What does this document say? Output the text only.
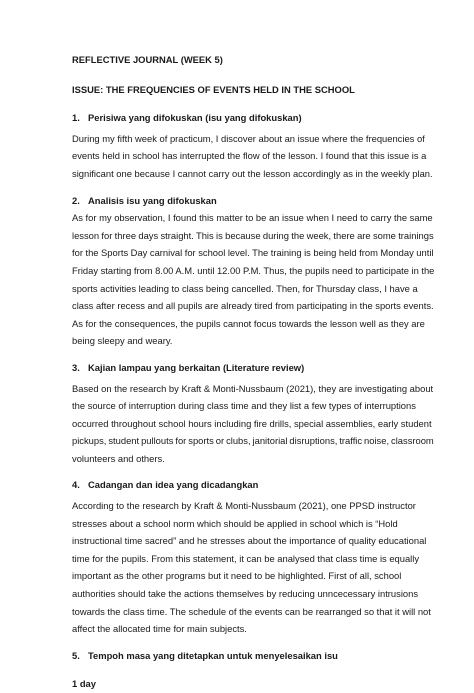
REFLECTIVE JOURNAL (WEEK 5)

ISSUE: THE FREQUENCIES OF EVENTS HELD IN THE SCHOOL

1. Perisiwa yang difokuskan (isu yang difokuskan)

During my fifth week of practicum, I discover about an issue where the frequencies of
events held in school has interrupted the flow of the lesson. I found that this issue is a
significant one because I cannot carry out the lesson accordingly as in the weekly plan.

2. Analisis isu yang difokuskan

As for my observation, I found this matter to be an issue when I need to carry the same
lesson for three days straight. This is because during the week, there are some trainings
for the Sports Day carnival for school level. The training is being held from Monday until
Friday starting from 8.00 A.M. until 12.00 P.M. Thus, the pupils need to participate in the
sports activities leading to class being cancelled. Then, for Thursday class, I have a
class after recess and all pupils are already tired from participating in the sports events.
As for the consequences, the pupils cannot focus towards the lesson well as they are
being sleepy and weary.

3. Kajian lampau yang berkaitan (Literature review)

Based on the research by Kraft & Monti-Nussbaum (2021), they are investigating about
the source of interruption during class time and they list a few types of interruptions
occurred throughout school hours including fire drills, special assemblies, early student
pickups, student pullouts for sports or clubs, janitorial disruptions, traffic noise, classroom
volunteers and others.

4. Cadangan dan idea yang dicadangkan

According to the research by Kraft & Monti-Nussbaum (2021), one PPSD instructor
stresses about a school norm which should be applied in school which is “Hold
instructional time sacred” and he stresses about the importance of quality educational
time for the pupils. From this statement, it can be analysed that class time is equally
important as the other programs but it need to be highlighted. First of all, school
authorities should take the actions themselves by reducing unncecessary intrusions
towards the class time. The schedule of the events can be rearranged so that it will not
affect the allocated time for main subjects.

5. Tempoh masa yang ditetapkan untuk menyelesaikan isu

1 day
